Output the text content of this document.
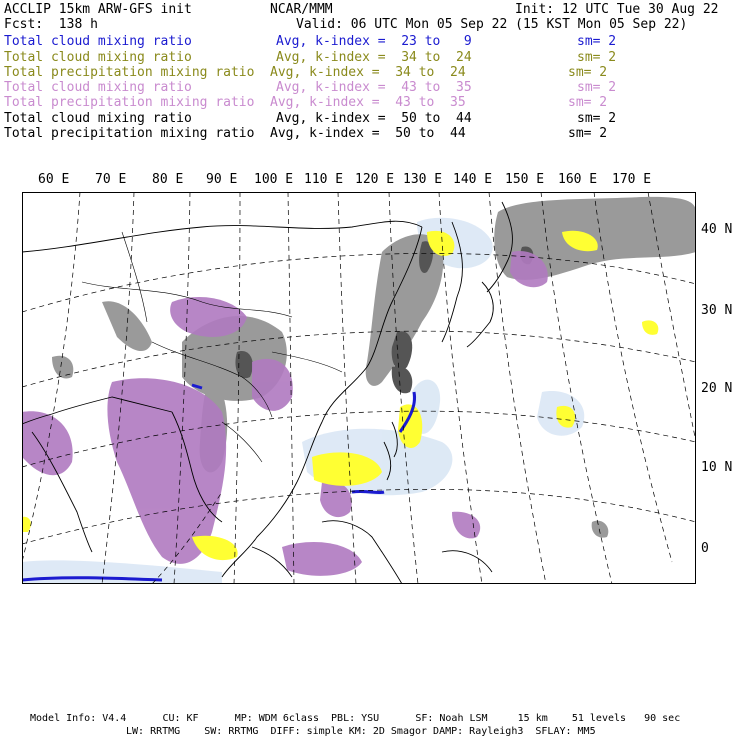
ACCLIP 15km ARW-GFS init	NCAR/MMM	Init: 12 UTC Tue 30 Aug 22
Fcst:  138 h	Valid: 06 UTC Mon 05 Sep 22 (15 KST Mon 05 Sep 22)
Total cloud mixing ratio	Avg, k-index =  23 to   9	sm= 2
Total cloud mixing ratio	Avg, k-index =  34 to  24	sm= 2
Total precipitation mixing ratio Avg, k-index =  34 to  24	sm= 2
Total cloud mixing ratio	Avg, k-index =  43 to  35	sm= 2
Total precipitation mixing ratio Avg, k-index =  43 to  35	sm= 2
Total cloud mixing ratio	Avg, k-index =  50 to  44	sm= 2
Total precipitation mixing ratio Avg, k-index =  50 to  44	sm= 2
60 E 70 E 80 E 90 E 100 E 110 E 120 E 130 E 140 E 150 E 160 E 170 E
40 N
30 N
20 N
10 N
0
Model Info: V4.4      CU: KF      MP: WDM 6class  PBL: YSU      SF: Noah LSM     15 km    51 levels   90 sec
LW: RRTMG    SW: RRTMG  DIFF: simple KM: 2D Smagor DAMP: Rayleigh3  SFLAY: MM5
